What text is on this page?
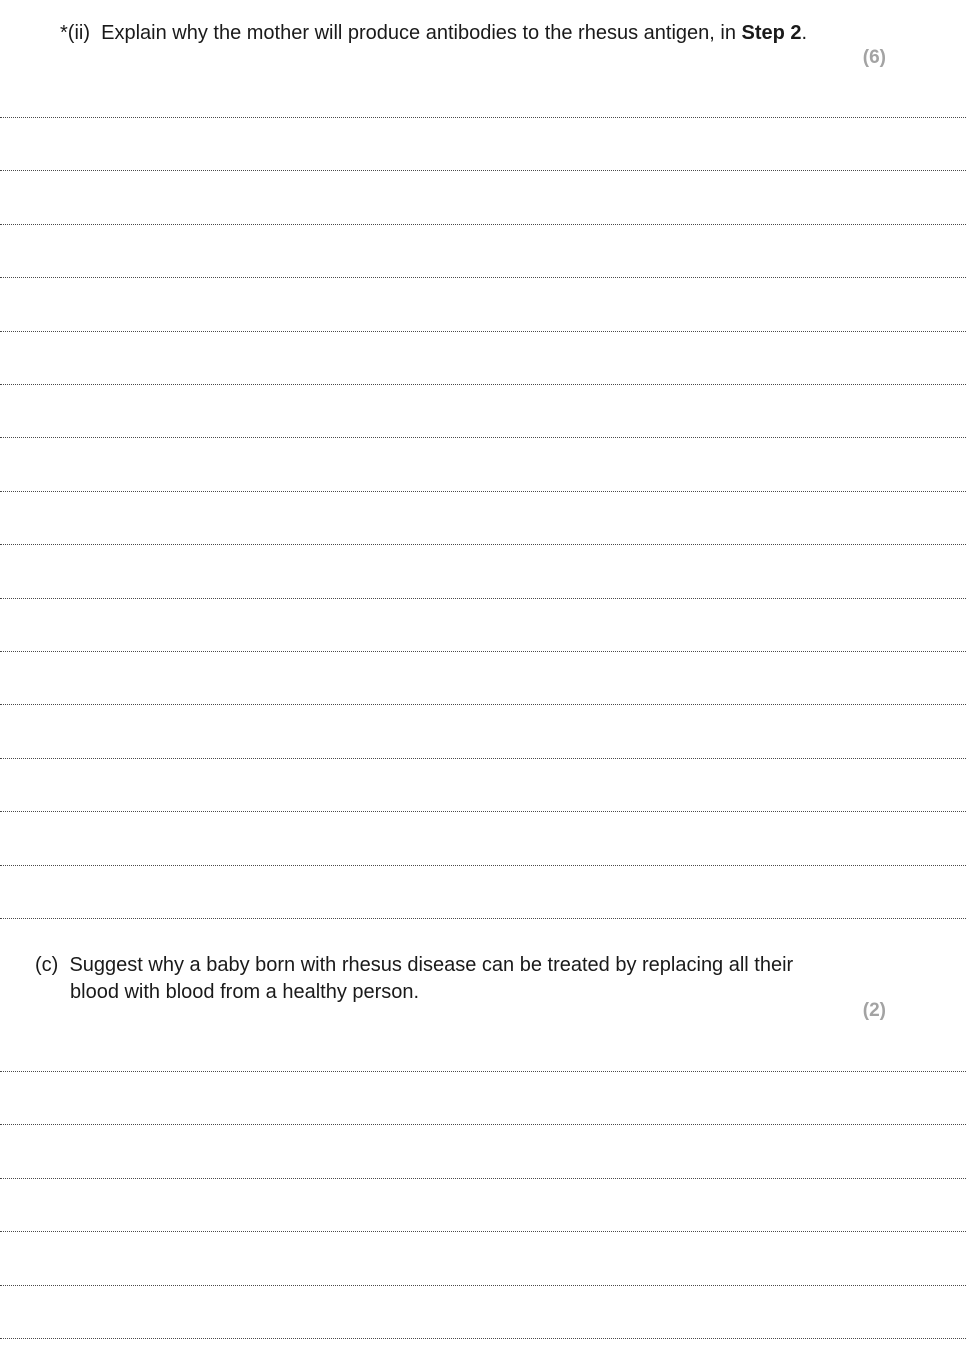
*(ii) Explain why the mother will produce antibodies to the rhesus antigen, in Step 2.
(6)
(c) Suggest why a baby born with rhesus disease can be treated by replacing all their
blood with blood from a healthy person.
(2)
